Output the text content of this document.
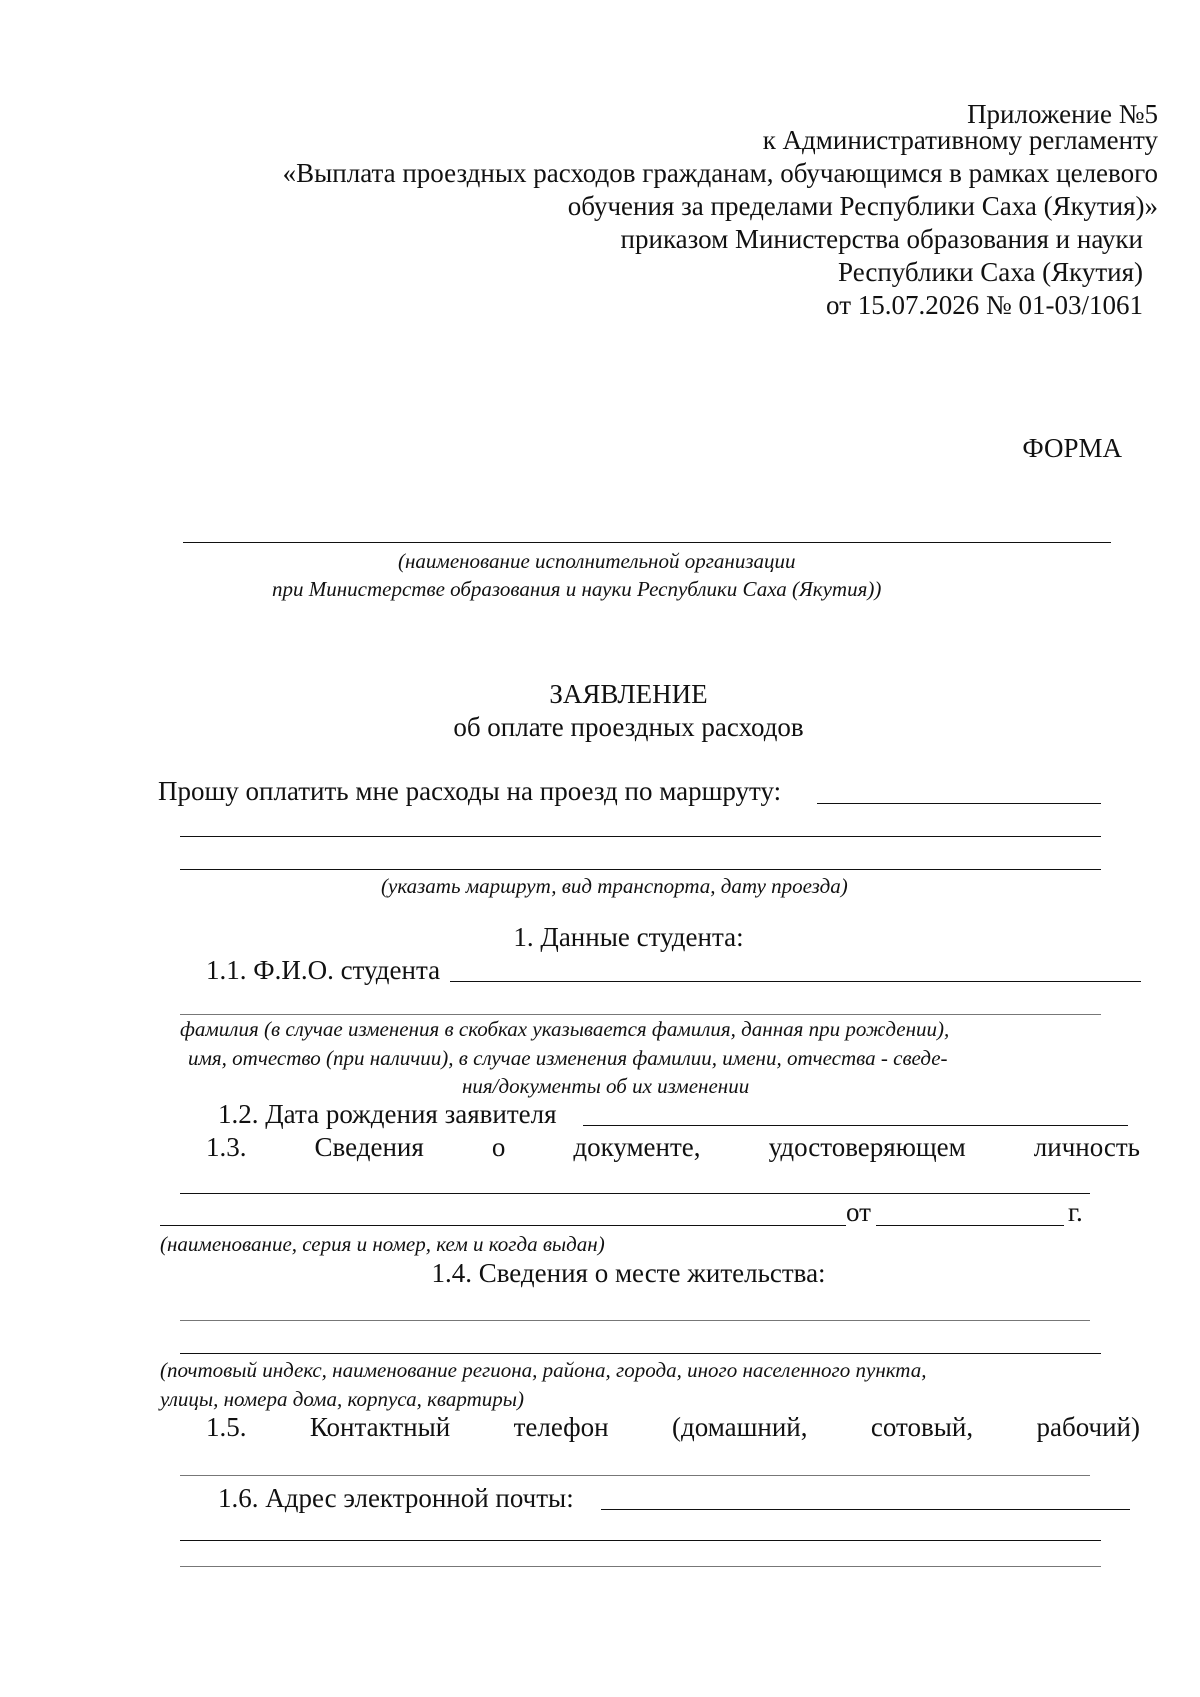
Приложение №5
к Административному регламенту
«Выплата проездных расходов гражданам, обучающимся в рамках целевого
обучения за пределами Республики Саха (Якутия)»
приказом Министерства образования и науки
Республики Саха (Якутия)
от 15.07.2026 № 01-03/1061
ФОРМА
(наименование исполнительной организации
при Министерстве образования и науки Республики Саха (Якутия))
ЗАЯВЛЕНИЕ
об оплате проездных расходов
Прошу оплатить мне расходы на проезд по маршруту:
(указать маршрут, вид транспорта, дату проезда)
1. Данные студента:
1.1. Ф.И.О. студента
фамилия (в случае изменения в скобках указывается фамилия, данная при рождении),
имя, отчество (при наличии), в случае изменения фамилии, имени, отчества - сведе-
ния/документы об их изменении
1.2. Дата рождения заявителя
1.3.	Сведения	о	документе,	удостоверяющем	личность
от	г.
(наименование, серия и номер, кем и когда выдан)
1.4. Сведения о месте жительства:
(почтовый индекс, наименование региона, района, города, иного населенного пункта,
улицы, номера дома, корпуса, квартиры)
1.5. Контактный телефон (домашний, сотовый, рабочий)
1.6. Адрес электронной почты:
